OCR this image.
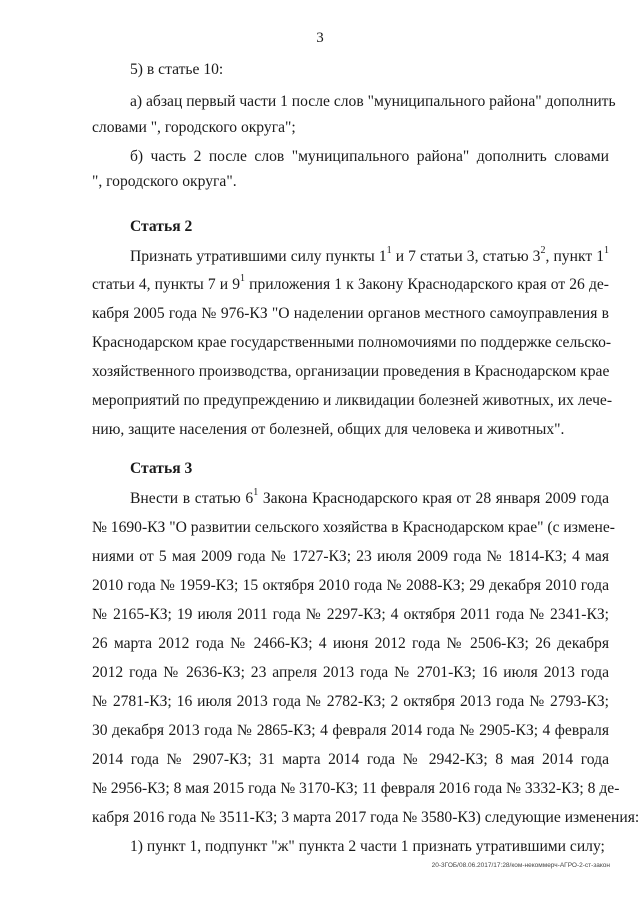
3
5) в статье 10:
а) абзац первый части 1 после слов "муниципального района" дополнить
словами ", городского округа";
б) часть 2 после слов "муниципального района" дополнить словами
", городского округа".
Статья 2
Признать утратившими силу пункты $1^1$ и 7 статьи 3, статью $3^2$, пункт $1^1$
статьи 4, пункты 7 и $9^1$ приложения 1 к Закону Краснодарского края от 26 де-
кабря 2005 года № 976-КЗ "О наделении органов местного самоуправления в
Краснодарском крае государственными полномочиями по поддержке сельско-
хозяйственного производства, организации проведения в Краснодарском крае
мероприятий по предупреждению и ликвидации болезней животных, их лече-
нию, защите населения от болезней, общих для человека и животных".
Статья 3
Внести в статью $6^1$ Закона Краснодарского края от 28 января 2009 года
№ 1690-КЗ "О развитии сельского хозяйства в Краснодарском крае" (с измене-
ниями от 5 мая 2009 года № 1727-КЗ; 23 июля 2009 года № 1814-КЗ; 4 мая
2010 года № 1959-КЗ; 15 октября 2010 года № 2088-КЗ; 29 декабря 2010 года
№ 2165-КЗ; 19 июля 2011 года № 2297-КЗ; 4 октября 2011 года № 2341-КЗ;
26 марта 2012 года № 2466-КЗ; 4 июня 2012 года № 2506-КЗ; 26 декабря
2012 года № 2636-КЗ; 23 апреля 2013 года № 2701-КЗ; 16 июля 2013 года
№ 2781-КЗ; 16 июля 2013 года № 2782-КЗ; 2 октября 2013 года № 2793-КЗ;
30 декабря 2013 года № 2865-КЗ; 4 февраля 2014 года № 2905-КЗ; 4 февраля
2014 года № 2907-КЗ; 31 марта 2014 года № 2942-КЗ; 8 мая 2014 года
№ 2956-КЗ; 8 мая 2015 года № 3170-КЗ; 11 февраля 2016 года № 3332-КЗ; 8 де-
кабря 2016 года № 3511-КЗ; 3 марта 2017 года № 3580-КЗ) следующие изменения:
1) пункт 1, подпункт "ж" пункта 2 части 1 признать утратившими силу;
20-3ГОБ/08.06.2017/17:28/ком-некоммерч-АГРО-2-ст-закон
